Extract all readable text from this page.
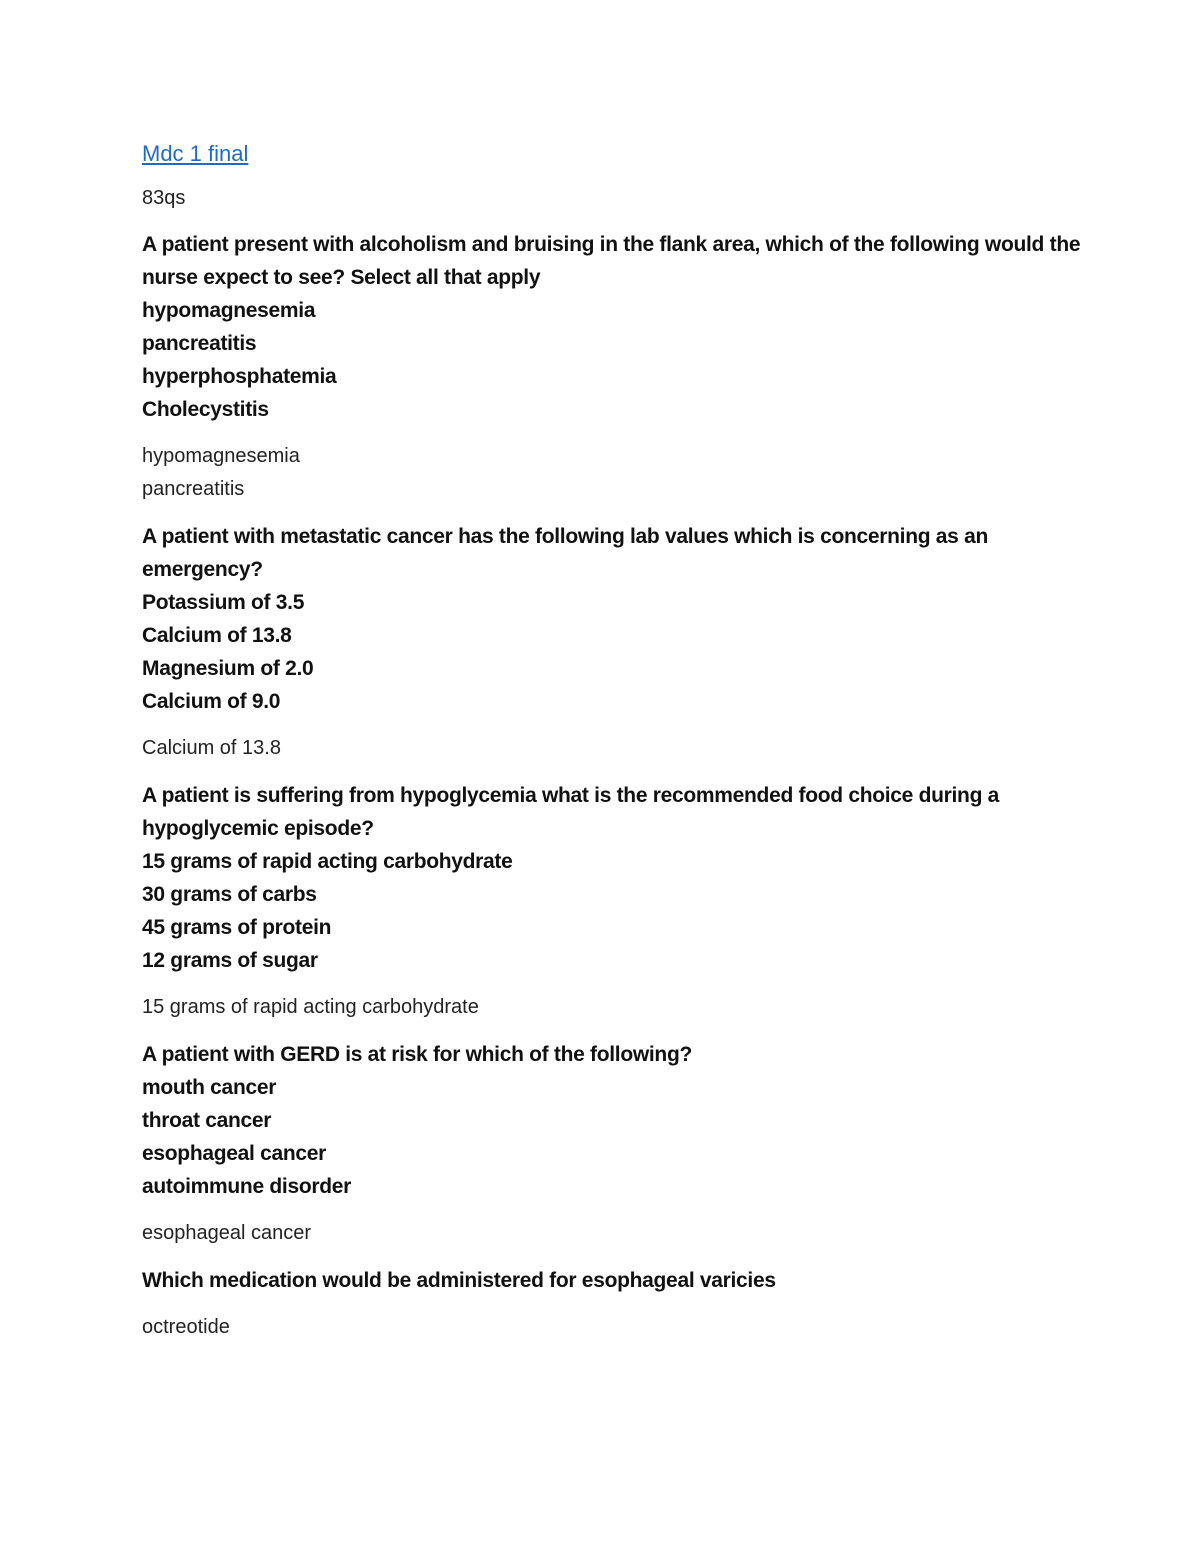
Mdc 1 final
83qs
A patient present with alcoholism and bruising in the flank area, which of the following would the nurse expect to see? Select all that apply
hypomagnesemia
pancreatitis
hyperphosphatemia
Cholecystitis
hypomagnesemia
pancreatitis
A patient with metastatic cancer has the following lab values which is concerning as an emergency?
Potassium of 3.5
Calcium of 13.8
Magnesium of 2.0
Calcium of 9.0
Calcium of 13.8
A patient is suffering from hypoglycemia what is the recommended food choice during a hypoglycemic episode?
15 grams of rapid acting carbohydrate
30 grams of carbs
45 grams of protein
12 grams of sugar
15 grams of rapid acting carbohydrate
A patient with GERD is at risk for which of the following?
mouth cancer
throat cancer
esophageal cancer
autoimmune disorder
esophageal cancer
Which medication would be administered for esophageal varicies
octreotide
